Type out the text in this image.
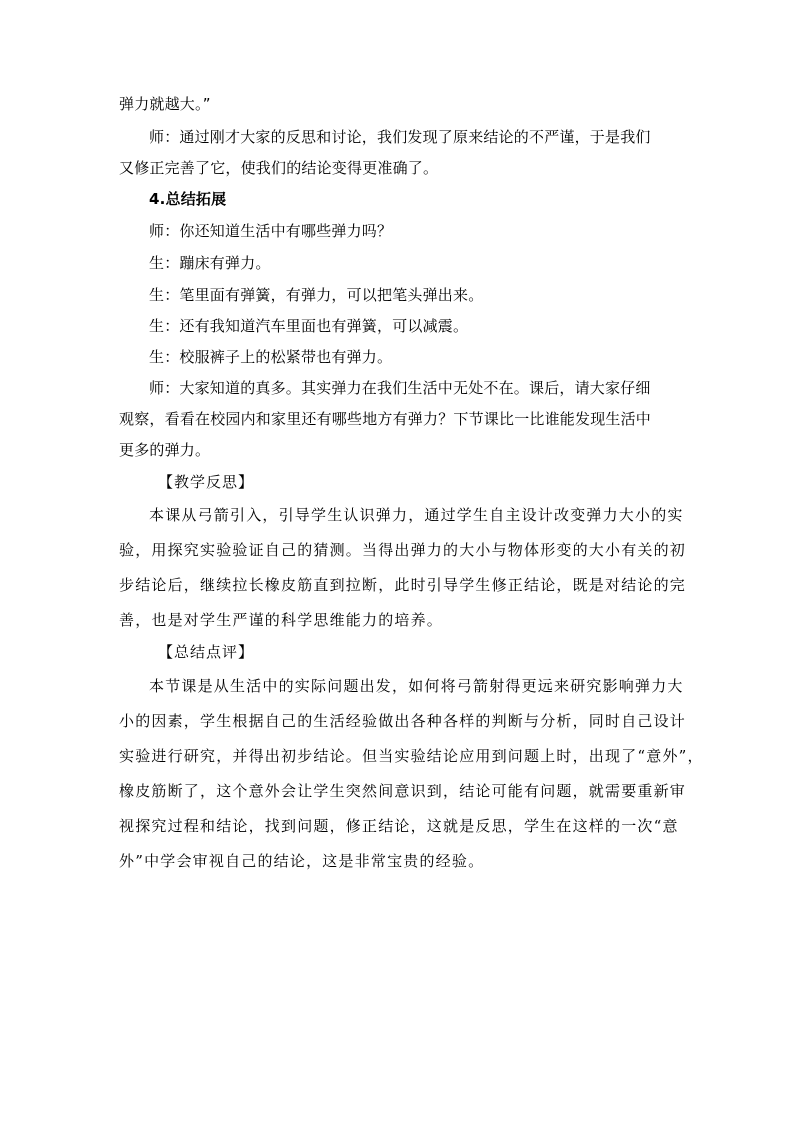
弹力就越大。”
师：通过刚才大家的反思和讨论，我们发现了原来结论的不严谨，于是我们
又修正完善了它，使我们的结论变得更准确了。
4.总结拓展
师：你还知道生活中有哪些弹力吗？
生：蹦床有弹力。
生：笔里面有弹簧，有弹力，可以把笔头弹出来。
生：还有我知道汽车里面也有弹簧，可以减震。
生：校服裤子上的松紧带也有弹力。
师：大家知道的真多。其实弹力在我们生活中无处不在。课后，请大家仔细
观察，看看在校园内和家里还有哪些地方有弹力？下节课比一比谁能发现生活中
更多的弹力。
【教学反思】
本课从弓箭引入，引导学生认识弹力，通过学生自主设计改变弹力大小的实
验，用探究实验验证自己的猜测。当得出弹力的大小与物体形变的大小有关的初
步结论后，继续拉长橡皮筋直到拉断，此时引导学生修正结论，既是对结论的完
善，也是对学生严谨的科学思维能力的培养。
【总结点评】
本节课是从生活中的实际问题出发，如何将弓箭射得更远来研究影响弹力大
小的因素，学生根据自己的生活经验做出各种各样的判断与分析，同时自己设计
实验进行研究，并得出初步结论。但当实验结论应用到问题上时，出现了“意外”，
橡皮筋断了，这个意外会让学生突然间意识到，结论可能有问题，就需要重新审
视探究过程和结论，找到问题，修正结论，这就是反思，学生在这样的一次“意
外”中学会审视自己的结论，这是非常宝贵的经验。
